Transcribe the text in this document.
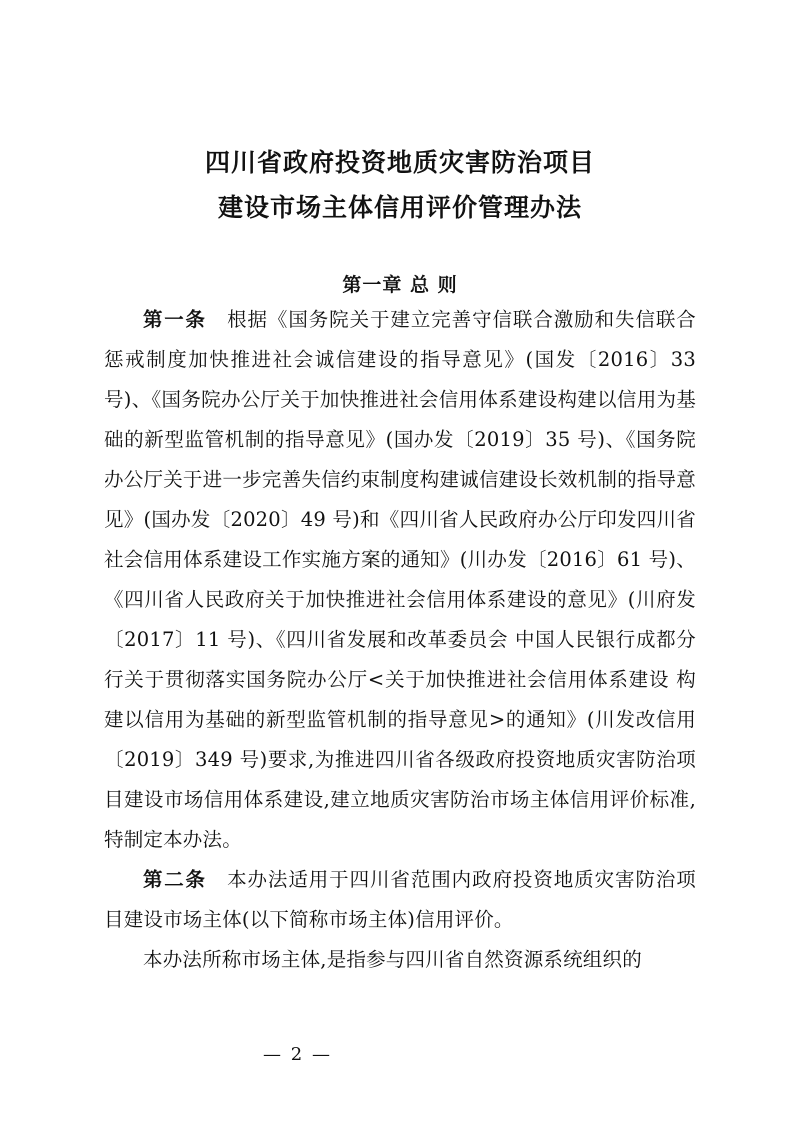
四川省政府投资地质灾害防治项目
建设市场主体信用评价管理办法
第一章 总 则

第一条　 根据《国务院关于建立完善守信联合激励和失信联合惩戒制度加快推进社会诚信建设的指导意见》(国发〔2016〕33 号)、《国务院办公厅关于加快推进社会信用体系建设构建以信用为基础的新型监管机制的指导意见》(国办发〔2019〕35 号)、《国务院办公厅关于进一步完善失信约束制度构建诚信建设长效机制的指导意见》(国办发〔2020〕49 号)和《四川省人民政府办公厅印发四川省社会信用体系建设工作实施方案的通知》(川办发〔2016〕61 号)、《四川省人民政府关于加快推进社会信用体系建设的意见》(川府发〔2017〕11 号)、《四川省发展和改革委员会 中国人民银行成都分行关于贯彻落实国务院办公厅<关于加快推进社会信用体系建设 构建以信用为基础的新型监管机制的指导意见>的通知》(川发改信用〔2019〕349 号)要求,为推进四川省各级政府投资地质灾害防治项目建设市场信用体系建设,建立地质灾害防治市场主体信用评价标准,特制定本办法。

第二条　 本办法适用于四川省范围内政府投资地质灾害防治项目建设市场主体(以下简称市场主体)信用评价。

本办法所称市场主体,是指参与四川省自然资源系统组织的

— 2 —
